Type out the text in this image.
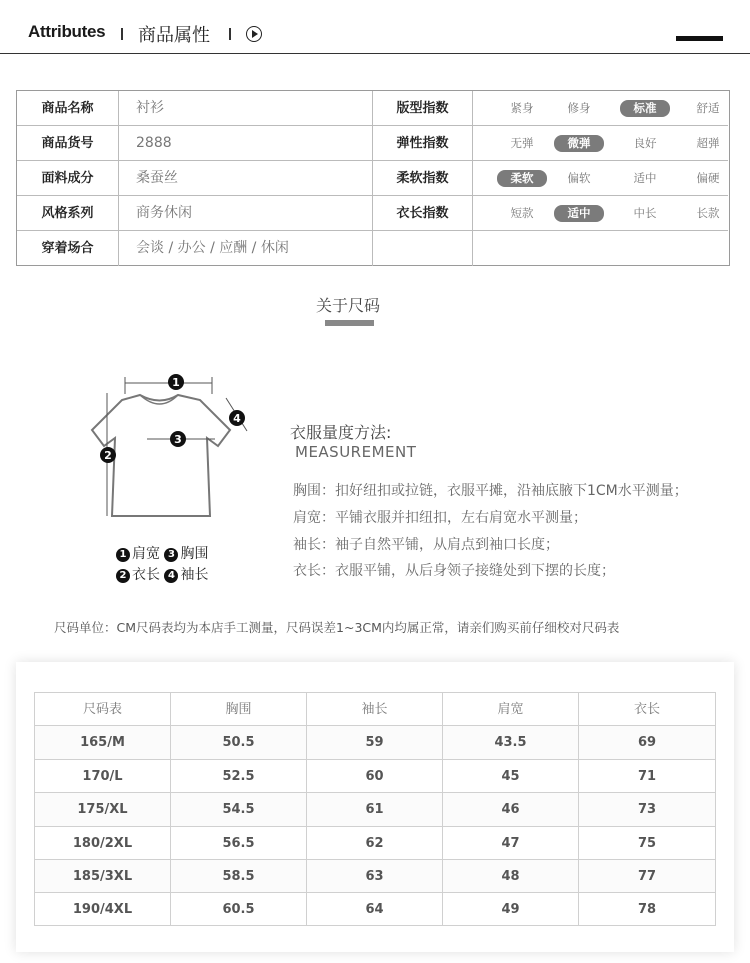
Attributes 商品属性
商品名称	衬衫	版型指数	紧身	修身	标准	舒适
商品货号	2888	弹性指数	无弹	微弹	良好	超弹
面料成分	桑蚕丝	柔软指数	柔软	偏软	适中	偏硬
风格系列	商务休闲	衣长指数	短款	适中	中长	长款
穿着场合	会谈 / 办公 / 应酬 / 休闲
关于尺码
1
3
2
4
1 肩宽 3 胸围
2 衣长 4 袖长
衣服量度方法:
MEASUREMENT
胸围：扣好纽扣或拉链，衣服平摊，沿袖底腋下1CM水平测量；
肩宽：平铺衣服并扣纽扣，左右肩宽水平测量；
袖长：袖子自然平铺，从肩点到袖口长度；
衣长：衣服平铺，从后身领子接缝处到下摆的长度；
尺码单位：CM尺码表均为本店手工测量，尺码误差1~3CM内均属正常，请亲们购买前仔细校对尺码表
尺码表	胸围	袖长	肩宽	衣长
165/M	50.5	59	43.5	69
170/L	52.5	60	45	71
175/XL	54.5	61	46	73
180/2XL	56.5	62	47	75
185/3XL	58.5	63	48	77
190/4XL	60.5	64	49	78
